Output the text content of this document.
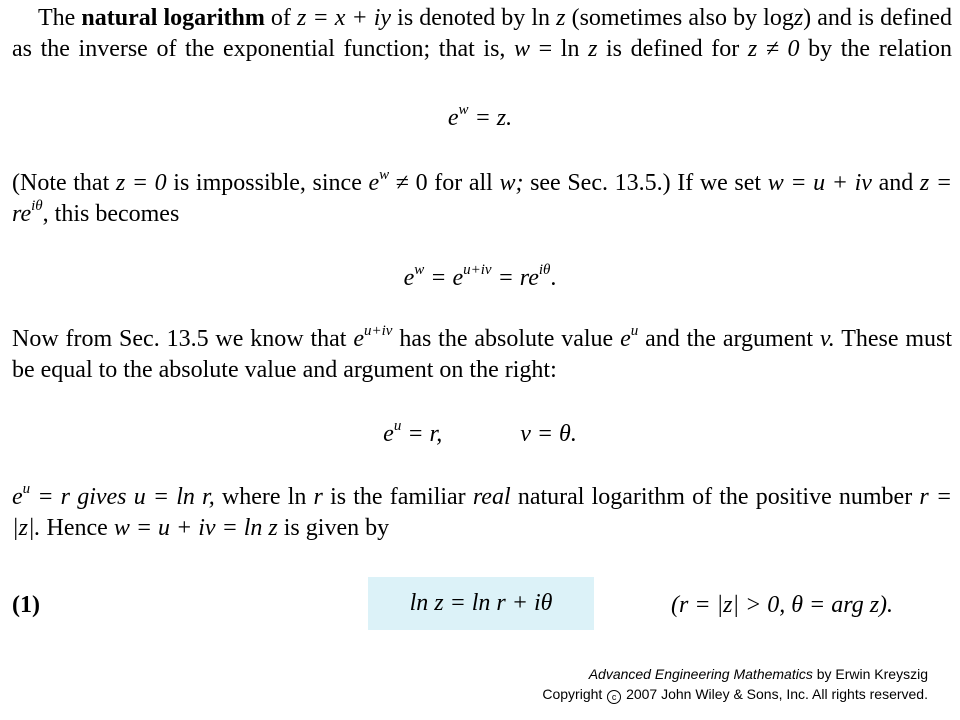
The natural logarithm of z = x + iy is denoted by ln z (sometimes also by logz) and is defined as the inverse of the exponential function; that is, w = ln z is defined for z ≠ 0 by the relation
$e^w = z$.
(Note that z = 0 is impossible, since $e^w \ne 0$ for all w; see Sec. 13.5.) If we set w = u + iv and $z = re^{i\theta}$, this becomes
$e^w = e^{u+iv} = re^{i\theta}$.
Now from Sec. 13.5 we know that $e^{u+iv}$ has the absolute value $e^u$ and the argument v. These must be equal to the absolute value and argument on the right:
$e^u = r$,	v = θ.
$e^u = r$ gives u = ln r, where ln r is the familiar real natural logarithm of the positive number r = |z|. Hence w = u + iv = ln z is given by
(1)	ln z = ln r + iθ	(r = |z| > 0, θ = arg z).
Advanced Engineering Mathematics by Erwin Kreyszig
Copyright c 2007 John Wiley & Sons, Inc. All rights reserved.
